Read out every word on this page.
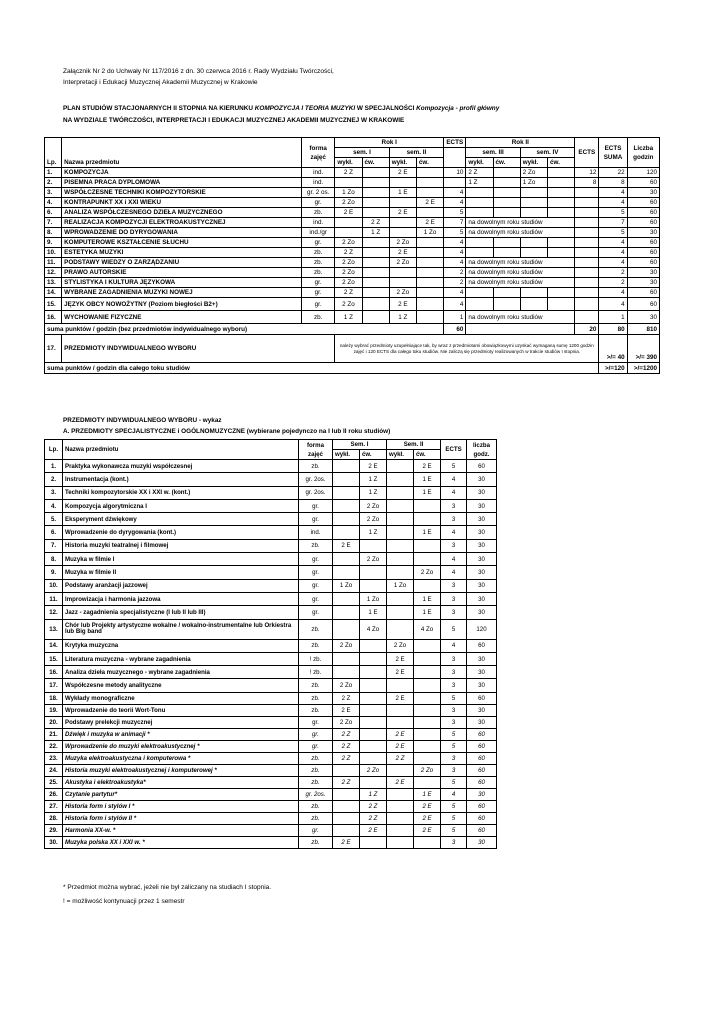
Załącznik Nr 2 do Uchwały Nr 117/2016 z dn. 30 czerwca 2016 r. Rady Wydziału Twórczości,
Interpretacji i Edukacji Muzycznej Akademii Muzycznej w Krakowie
PLAN STUDIÓW STACJONARNYCH II STOPNIA NA KIERUNKU KOMPOZYCJA I TEORIA MUZYKI W SPECJALNOŚCI Kompozycja - profil główny
NA WYDZIALE TWÓRCZOŚCI, INTERPRETACJI I EDUKACJI MUZYCZNEJ AKADEMII MUZYCZNEJ W KRAKOWIE
Lp.	Nazwa przedmiotu	forma zajęć	Rok I				ECTS	Rok II				ECTS	ECTS SUMA	Liczba godzin
			sem. I		sem. II			sem. III		sem. IV				
			wykł.	ćw.	wykł.	ćw.		wykł.	ćw.	wykł.	ćw.			
1.	KOMPOZYCJA	ind.	2 Z		2 E		10	2 Z		2 Zo		12	22	120
2.	PISEMNA PRACA DYPLOMOWA	ind.						1 Z		1 Zo		8	8	60
3.	WSPÓŁCZESNE TECHNIKI KOMPOZYTORSKIE	gr. 2 os.	1 Zo		1 E		4						4	30
4.	KONTRAPUNKT XX i XXI WIEKU	gr.	2 Zo			2 E	4						4	60
6.	ANALIZA WSPÓŁCZESNEGO DZIEŁA MUZYCZNEGO	zb.	2 E		2 E		5						5	60
7.	REALIZACJA KOMPOZYCJI ELEKTROAKUSTYCZNEJ	ind.		2 Z		2 E	7	na dowolnym roku studiów					7	60
8.	WPROWADZENIE DO DYRYGOWANIA	ind./gr		1 Z		1 Zo	5	na dowolnym roku studiów					5	30
9.	KOMPUTEROWE KSZTAŁCENIE SŁUCHU	gr.	2 Zo		2 Zo		4						4	60
10.	ESTETYKA MUZYKI	zb.	2 Z		2 E		4						4	60
11.	PODSTAWY WIEDZY O ZARZĄDZANIU	zb.	2 Zo		2 Zo		4	na dowolnym roku studiów					4	60
12.	PRAWO AUTORSKIE	zb.	2 Zo				2	na dowolnym roku studiów					2	30
13.	STYLISTYKA I KULTURA JĘZYKOWA	gr.	2 Zo				2	na dowolnym roku studiów					2	30
14.	WYBRANE ZAGADNIENIA MUZYKI NOWEJ	gr.	2 Z		2 Zo		4						4	60
15.	JĘZYK OBCY NOWOŻYTNY (Poziom biegłości B2+)	gr.	2 Zo		2 E		4						4	60
16.	WYCHOWANIE FIZYCZNE	zb.	1 Z		1 Z		1	na dowolnym roku studiów					1	30
suma punktów / godzin (bez przedmiotów indywidualnego wyboru)							60					20	80	810
17.	PRZEDMIOTY INDYWIDUALNEGO WYBORU		należy wybrać przedmioty uzupełniające tak, by wraz z przedmiotami obowiązkowymi uzyskać wymaganą sumę 1200 godzin zajęć i 120 ECTS dla całego toku studiów. Nie zaliczą się przedmioty realizowanych w trakcie studiów I stopnia.										>/= 40	>/= 390
suma punktów / godzin dla całego toku studiów													>/=120	>/=1200
PRZEDMIOTY INDYWIDUALNEGO WYBORU - wykaz
A. PRZEDMIOTY SPECJALISTYCZNE i OGÓLNOMUZYCZNE (wybierane pojedynczo na I lub II roku studiów)
Lp.	Nazwa przedmiotu	forma zajęć	Sem. I		Sem. II		ECTS	liczba godz.
			wykł.	ćw.	wykł.	ćw.		
1.	Praktyka wykonawcza muzyki współczesnej	zb.		2 E		2 E	5	60
2.	Instrumentacja (kont.)	gr. 2os.		1 Z		1 E	4	30
3.	Techniki kompozytorskie XX i XXI w. (kont.)	gr. 2os.		1 Z		1 E	4	30
4.	Kompozycja algorytmiczna I	gr.		2 Zo			3	30
5.	Eksperyment dźwiękowy	gr.		2 Zo			3	30
6.	Wprowadzenie do dyrygowania (kont.)	ind.		1 Z		1 E	4	30
7.	Historia muzyki teatralnej i filmowej	zb.	2 E				3	30
8.	Muzyka w filmie I	gr.		2 Zo			4	30
9.	Muzyka w filmie II	gr.				2 Zo	4	30
10.	Podstawy aranżacji jazzowej	gr.	1 Zo		1 Zo		3	30
11.	Improwizacja i harmonia jazzowa	gr.		1 Zo		1 E	3	30
12.	Jazz - zagadnienia specjalistyczne (I lub II lub III)	gr.		1 E		1 E	3	30
13.	Chór lub Projekty artystyczne wokalne / wokalno-instrumentalne lub Orkiestra lub Big band	zb.		4 Zo		4 Zo	5	120
14.	Krytyka muzyczna	zb.	2 Zo		2 Zo		4	60
15.	Literatura muzyczna - wybrane zagadnienia	! zb.			2 E		3	30
16.	Analiza dzieła muzycznego - wybrane zagadnienia	! zb.			2 E		3	30
17.	Współczesne metody analityczne	zb.	2 Zo				3	30
18.	Wykłady monograficzne	zb.	2 Z		2 E		5	60
19.	Wprowadzenie do teorii Wort-Tonu	zb.	2 E				3	30
20.	Podstawy prelekcji muzycznej	gr.	2 Zo				3	30
21.	Dźwięk i muzyka w animacji *	gr.	2 Z		2 E		5	60
22.	Wprowadzenie do muzyki elektroakustycznej *	gr.	2 Z		2 E		5	60
23.	Muzyka elektroakustyczna i komputerowa *	zb.	2 Z		2 Z		3	60
24.	Historia muzyki elektroakustycznej i komputerowej *	zb.		2 Zo		2 Zo	3	60
25.	Akustyka i elektroakustyka*	zb.	2 Z		2 E		5	60
26.	Czytanie partytur*	gr. 2os.		1 Z		1 E	4	30
27.	Historia form i stylów I *	zb.		2 Z		2 E	5	60
28.	Historia form i stylów II *	zb.		2 Z		2 E	5	60
29.	Harmonia XX-w. *	gr.		2 E		2 E	5	60
30.	Muzyka polska XX i XXI w. *	zb.	2 E				3	30
* Przedmiot można wybrać, jeżeli nie był zaliczany na studiach I stopnia.
! = możliwość kontynuacji przez 1 semestr
